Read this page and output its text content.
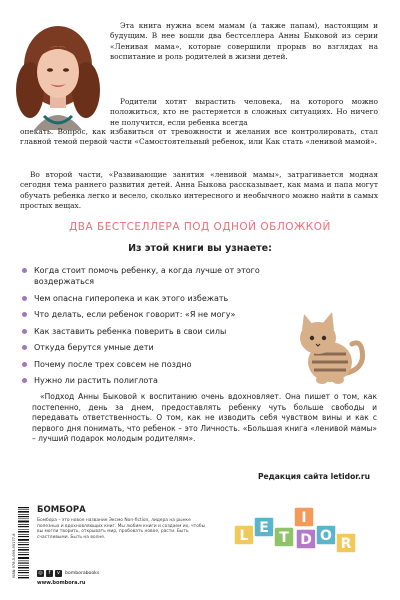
Эта книга нужна всем мамам (а также папам), настоящим и будущим. В нее вошли два бестселлера Анны Быковой из серии «Ленивая мама», которые совершили прорыв во взглядах на воспитание и роль родителей в жизни детей.

Родители хотят вырастить человека, на которого можно положиться, кто не растеряется в сложных ситуациях. Но ничего не получится, если ребенка всегда

опекать. Вопрос, как избавиться от тревожности и желания все контролировать, стал главной темой первой части «Самостоятельный ребенок, или Как стать «ленивой мамой».

Во второй части, «Развивающие занятия «ленивой мамы», затрагивается модная сегодня тема раннего развития детей. Анна Быкова рассказывает, как мама и папа могут обучать ребенка легко и весело, сколько интересного и необычного можно найти в самых простых вещах.

ДВА БЕСТСЕЛЛЕРА ПОД ОДНОЙ ОБЛОЖКОЙ

Из этой книги вы узнаете:

Когда стоит помочь ребенку, а когда лучше от этого воздержаться
Чем опасна гиперопека и как этого избежать
Что делать, если ребенок говорит: «Я не могу»
Как заставить ребенка поверить в свои силы
Откуда берутся умные дети
Почему после трех совсем не поздно
Нужно ли растить полиглота

«Подход Анны Быковой к воспитанию очень вдохновляет. Она пишет о том, как постепенно, день за днем, предоставлять ребенку чуть больше свободы и передавать ответственность. О том, как не изводить себя чувством вины и как с первого дня понимать, что ребенок – это Личность. «Большая книга «ленивой мамы» – лучший подарок молодым родителям».

Редакция сайта letidor.ru

ISBN 978-5-699-95177-8

БОМБОРА

Бомбора – это новое название Эксмо Non-fiction, лидера на рынке полезных и вдохновляющих книг. Мы любим книги и создаем их, чтобы вы могли творить, открывать мир, пробовать новое, расти. Быть счастливыми. Быть на волне.

◎	f	v	bomborabooks

www.bombora.ru

L E
T
I
D O R
